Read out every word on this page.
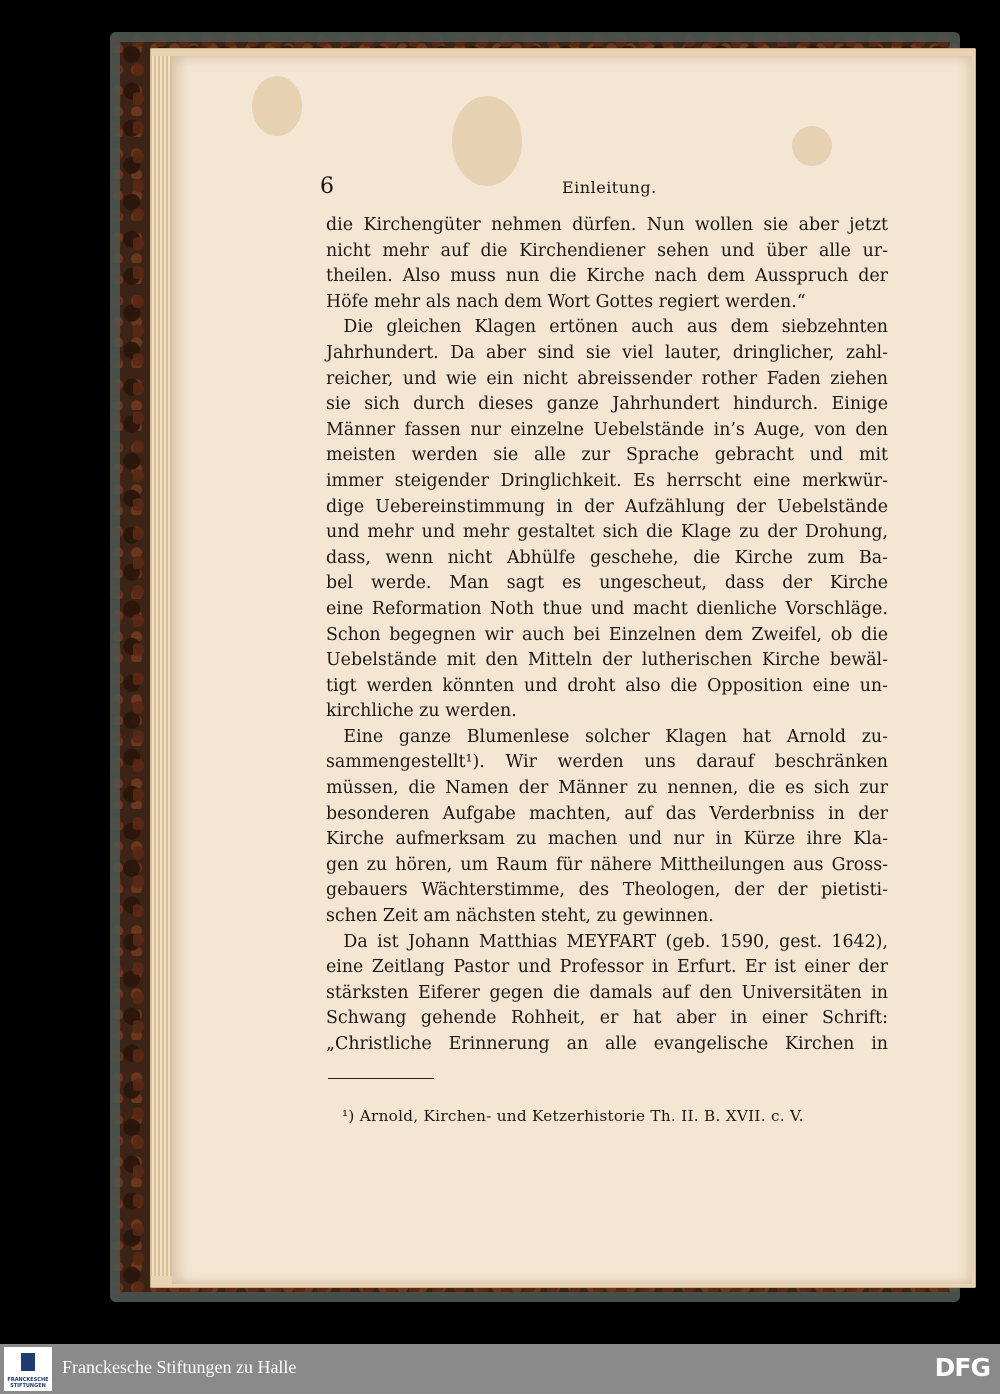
6	Einleitung.
die Kirchengüter nehmen dürfen. Nun wollen sie aber jetzt
nicht mehr auf die Kirchendiener sehen und über alle ur-
theilen. Also muss nun die Kirche nach dem Ausspruch der
Höfe mehr als nach dem Wort Gottes regiert werden.“
 Die gleichen Klagen ertönen auch aus dem siebzehnten
Jahrhundert. Da aber sind sie viel lauter, dringlicher, zahl-
reicher, und wie ein nicht abreissender rother Faden ziehen
sie sich durch dieses ganze Jahrhundert hindurch. Einige
Männer fassen nur einzelne Uebelstände in’s Auge, von den
meisten werden sie alle zur Sprache gebracht und mit
immer steigender Dringlichkeit. Es herrscht eine merkwür-
dige Uebereinstimmung in der Aufzählung der Uebelstände
und mehr und mehr gestaltet sich die Klage zu der Drohung,
dass, wenn nicht Abhülfe geschehe, die Kirche zum Ba-
bel werde. Man sagt es ungescheut, dass der Kirche
eine Reformation Noth thue und macht dienliche Vorschläge.
Schon begegnen wir auch bei Einzelnen dem Zweifel, ob die
Uebelstände mit den Mitteln der lutherischen Kirche bewäl-
tigt werden könnten und droht also die Opposition eine un-
kirchliche zu werden.
 Eine ganze Blumenlese solcher Klagen hat Arnold zu-
sammengestellt¹). Wir werden uns darauf beschränken
müssen, die Namen der Männer zu nennen, die es sich zur
besonderen Aufgabe machten, auf das Verderbniss in der
Kirche aufmerksam zu machen und nur in Kürze ihre Kla-
gen zu hören, um Raum für nähere Mittheilungen aus Gross-
gebauers Wächterstimme, des Theologen, der der pietisti-
schen Zeit am nächsten steht, zu gewinnen.
 Da ist Johann Matthias MEYFART (geb. 1590, gest. 1642),
eine Zeitlang Pastor und Professor in Erfurt. Er ist einer der
stärksten Eiferer gegen die damals auf den Universitäten in
Schwang gehende Rohheit, er hat aber in einer Schrift:
„Christliche Erinnerung an alle evangelische Kirchen in
¹) Arnold, Kirchen- und Ketzerhistorie Th. II. B. XVII. c. V.
FRANCKESCHE STIFTUNGEN
Franckesche Stiftungen zu Halle	DFG
